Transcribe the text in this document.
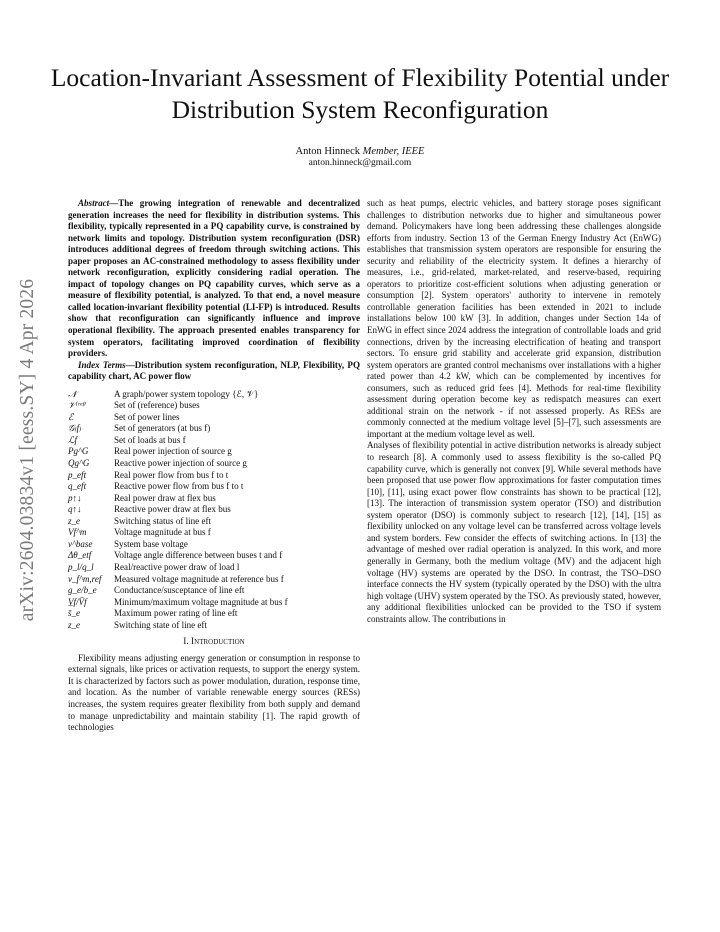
arXiv:2604.03834v1 [eess.SY] 4 Apr 2026
Location-Invariant Assessment of Flexibility Potential under Distribution System Reconfiguration
Anton Hinneck Member, IEEE
anton.hinneck@gmail.com

Abstract—The growing integration of renewable and decentralized generation increases the need for flexibility in distribution systems. This flexibility, typically represented in a PQ capability curve, is constrained by network limits and topology. Distribution system reconfiguration (DSR) introduces additional degrees of freedom through switching actions. This paper proposes an AC-constrained methodology to assess flexibility under network reconfiguration, explicitly considering radial operation. The impact of topology changes on PQ capability curves, which serve as a measure of flexibility potential, is analyzed. To that end, a novel measure called location-invariant flexibility potential (LI-FP) is introduced. Results show that reconfiguration can significantly influence and improve operational flexibility. The approach presented enables transparency for system operators, facilitating improved coordination of flexibility providers.

Index Terms—Distribution system reconfiguration, NLP, Flexibility, PQ capability chart, AC power flow

𝒩	A graph/power system topology {ℰ, 𝒱}
𝒱⁽ʳᵉᶠ⁾	Set of (reference) buses
ℰ	Set of power lines
𝒢₍f₎	Set of generators (at bus f)
ℒf	Set of loads at bus f
Pg^G	Real power injection of source g
Qg^G	Reactive power injection of source g
p_eft	Real power flow from bus f to t
q_eft	Reactive power flow from bus f to t
p↑↓	Real power draw at flex bus
q↑↓	Reactive power draw at flex bus
z_e	Switching status of line eft
Vf^m	Voltage magnitude at bus f
v^base	System base voltage
Δθ_etf	Voltage angle difference between buses t and f
p_l/q_l	Real/reactive power draw of load l
v_f^m,ref	Measured voltage magnitude at reference bus f
g_e/b_e	Conductance/susceptance of line eft
V̲f/V̄f	Minimum/maximum voltage magnitude at bus f
s̄_e	Maximum power rating of line eft
z_e	Switching state of line eft
I. Introduction

Flexibility means adjusting energy generation or consumption in response to external signals, like prices or activation requests, to support the energy system. It is characterized by factors such as power modulation, duration, response time, and location. As the number of variable renewable energy sources (RESs) increases, the system requires greater flexibility from both supply and demand to manage unpredictability and maintain stability [1]. The rapid growth of technologies

such as heat pumps, electric vehicles, and battery storage poses significant challenges to distribution networks due to higher and simultaneous power demand. Policymakers have long been addressing these challenges alongside efforts from industry. Section 13 of the German Energy Industry Act (EnWG) establishes that transmission system operators are responsible for ensuring the security and reliability of the electricity system. It defines a hierarchy of measures, i.e., grid-related, market-related, and reserve-based, requiring operators to prioritize cost-efficient solutions when adjusting generation or consumption [2]. System operators' authority to intervene in remotely controllable generation facilities has been extended in 2021 to include installations below 100 kW [3]. In addition, changes under Section 14a of EnWG in effect since 2024 address the integration of controllable loads and grid connections, driven by the increasing electrification of heating and transport sectors. To ensure grid stability and accelerate grid expansion, distribution system operators are granted control mechanisms over installations with a higher rated power than 4.2 kW, which can be complemented by incentives for consumers, such as reduced grid fees [4]. Methods for real-time flexibility assessment during operation become key as redispatch measures can exert additional strain on the network - if not assessed properly. As RESs are commonly connected at the medium voltage level [5]–[7], such assessments are important at the medium voltage level as well.

Analyses of flexibility potential in active distribution networks is already subject to research [8]. A commonly used to assess flexibility is the so-called PQ capability curve, which is generally not convex [9]. While several methods have been proposed that use power flow approximations for faster computation times [10], [11], using exact power flow constraints has shown to be practical [12], [13]. The interaction of transmission system operator (TSO) and distribution system operator (DSO) is commonly subject to research [12], [14], [15] as flexibility unlocked on any voltage level can be transferred across voltage levels and system borders. Few consider the effects of switching actions. In [13] the advantage of meshed over radial operation is analyzed. In this work, and more generally in Germany, both the medium voltage (MV) and the adjacent high voltage (HV) systems are operated by the DSO. In contrast, the TSO–DSO interface connects the HV system (typically operated by the DSO) with the ultra high voltage (UHV) system operated by the TSO. As previously stated, however, any additional flexibilities unlocked can be provided to the TSO if system constraints allow. The contributions in
